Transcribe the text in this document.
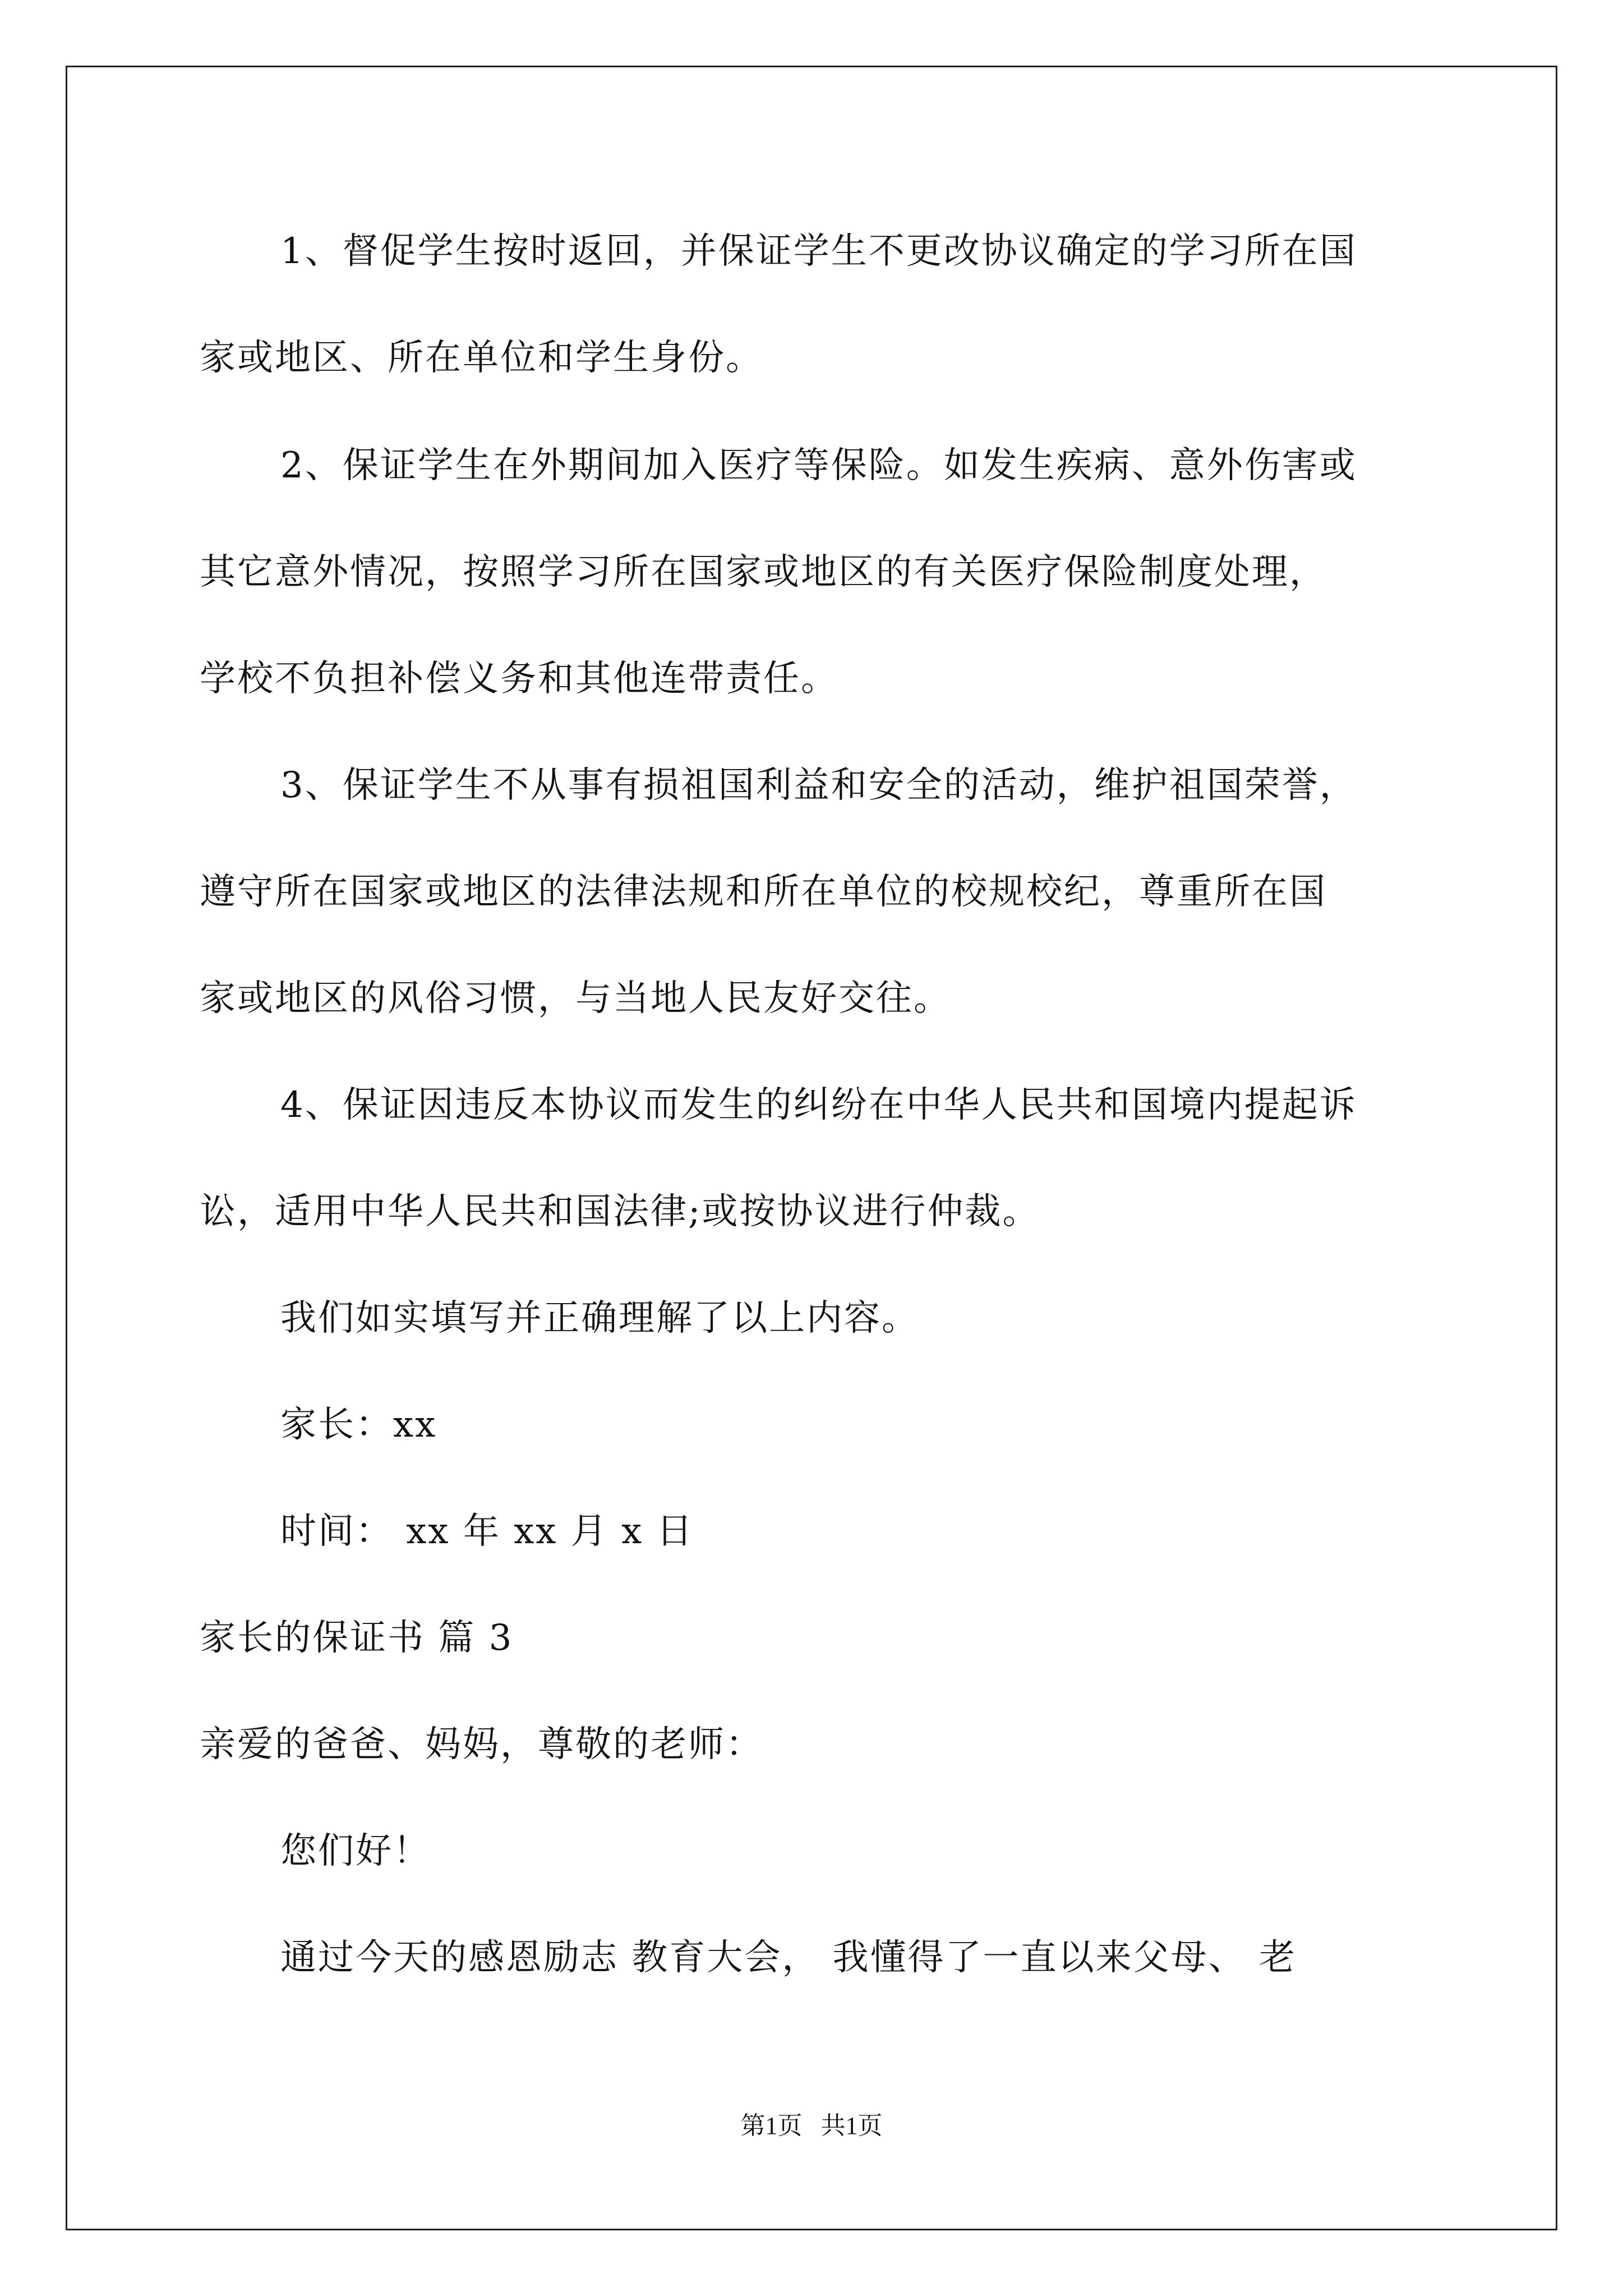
1、督促学生按时返回，并保证学生不更改协议确定的学习所在国
家或地区、所在单位和学生身份。
2、保证学生在外期间加入医疗等保险。如发生疾病、意外伤害或
其它意外情况，按照学习所在国家或地区的有关医疗保险制度处理，
学校不负担补偿义务和其他连带责任。
3、保证学生不从事有损祖国利益和安全的活动，维护祖国荣誉，
遵守所在国家或地区的法律法规和所在单位的校规校纪，尊重所在国
家或地区的风俗习惯，与当地人民友好交往。
4、保证因违反本协议而发生的纠纷在中华人民共和国境内提起诉
讼，适用中华人民共和国法律;或按协议进行仲裁。
我们如实填写并正确理解了以上内容。
家长：xx
时间： xx 年 xx 月 x 日
家长的保证书 篇 3
亲爱的爸爸、妈妈，尊敬的老师：
您们好！
通过今天的感恩励志 教育大会， 我懂得了一直以来父母、 老
第1页   共1页
